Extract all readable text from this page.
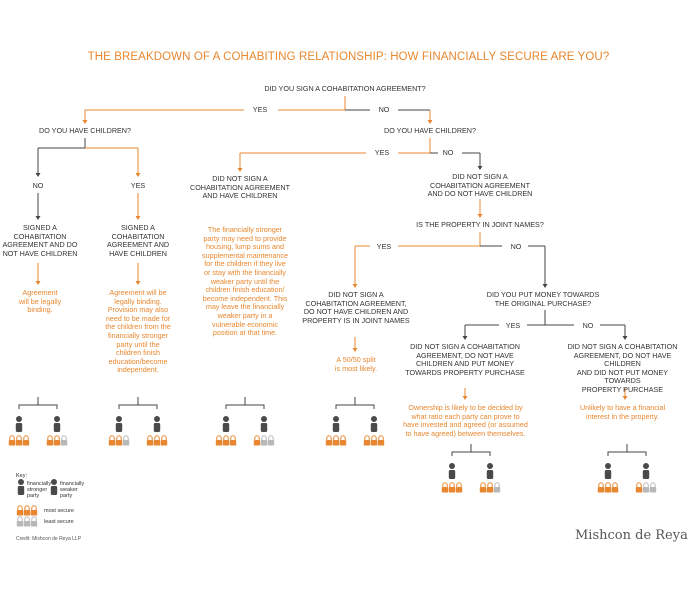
THE BREAKDOWN OF A COHABITING RELATIONSHIP: HOW FINANCIALLY SECURE ARE YOU?
DID YOU SIGN A COHABITATION AGREEMENT?
YES	NO
DO YOU HAVE CHILDREN?	DO YOU HAVE CHILDREN?
NO	YES
YES	NO
SIGNED A
COHABITATION
AGREEMENT AND DO
NOT HAVE CHILDREN
SIGNED A
COHABITATION
AGREEMENT AND
HAVE CHILDREN
DID NOT SIGN A
COHABITATION AGREEMENT
AND HAVE CHILDREN
DID NOT SIGN A
COHABITATION AGREEMENT
AND DO NOT HAVE CHILDREN
IS THE PROPERTY IN JOINT NAMES?
YES	NO
DID NOT SIGN A
COHABITATION AGREEMENT,
DO NOT HAVE CHILDREN AND
PROPERTY IS IN JOINT NAMES
DID YOU PUT MONEY TOWARDS
THE ORIGINAL PURCHASE?
YES	NO
DID NOT SIGN A COHABITATION
AGREEMENT, DO NOT HAVE
CHILDREN AND PUT MONEY
TOWARDS PROPERTY PURCHASE
DID NOT SIGN A COHABITATION
AGREEMENT, DO NOT HAVE CHILDREN
AND DID NOT PUT MONEY TOWARDS
PROPERTY PURCHASE
Agreement
will be legally
binding.
Agreement will be
legally binding.
Provision may also
need to be made for
the children from the
financially stronger
party until the
children finish
education/become
independent.
The financially stronger
party may need to provide
housing, lump sums and
supplemental maintenance
for the children if they live
or stay with the financially
weaker party until the
children finish education/
become independent. This
may leave the financially
weaker party in a
vulnerable economic
position at that time.
A 50/50 split
is most likely.
Ownership is likely to be decided by
what ratio each party can prove to
have invested and agreed (or assumed
to have agreed) between themselves.
Unlikely to have a financial
interest in the property.
Key:
financially
stronger
party
financially
weaker
party
most secure
least secure
Credit: Mishcon de Reya LLP	Mishcon de Reya
